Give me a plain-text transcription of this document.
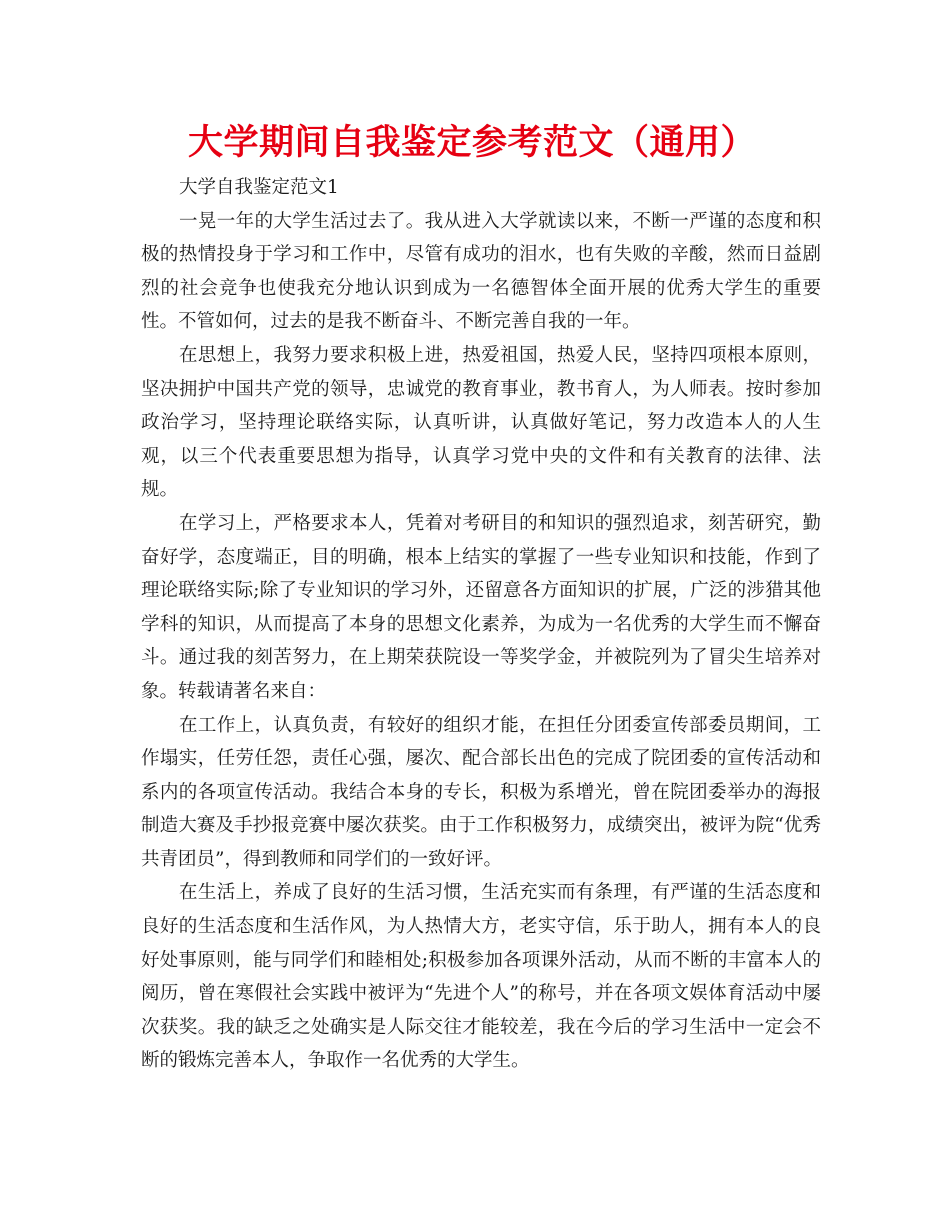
大学期间自我鉴定参考范文（通用）

大学自我鉴定范文1

一晃一年的大学生活过去了。我从进入大学就读以来，不断一严谨的态度和积极的热情投身于学习和工作中，尽管有成功的泪水，也有失败的辛酸，然而日益剧烈的社会竞争也使我充分地认识到成为一名德智体全面开展的优秀大学生的重要性。不管如何，过去的是我不断奋斗、不断完善自我的一年。

在思想上，我努力要求积极上进，热爱祖国，热爱人民，坚持四项根本原则，坚决拥护中国共产党的领导，忠诚党的教育事业，教书育人，为人师表。按时参加政治学习，坚持理论联络实际，认真听讲，认真做好笔记，努力改造本人的人生观，以三个代表重要思想为指导，认真学习党中央的文件和有关教育的法律、法规。

在学习上，严格要求本人，凭着对考研目的和知识的强烈追求，刻苦研究，勤奋好学，态度端正，目的明确，根本上结实的掌握了一些专业知识和技能，作到了理论联络实际;除了专业知识的学习外，还留意各方面知识的扩展，广泛的涉猎其他学科的知识，从而提高了本身的思想文化素养，为成为一名优秀的大学生而不懈奋斗。通过我的刻苦努力，在上期荣获院设一等奖学金，并被院列为了冒尖生培养对象。转载请著名来自：

在工作上，认真负责，有较好的组织才能，在担任分团委宣传部委员期间，工作塌实，任劳任怨，责任心强，屡次、配合部长出色的完成了院团委的宣传活动和系内的各项宣传活动。我结合本身的专长，积极为系增光，曾在院团委举办的海报制造大赛及手抄报竞赛中屡次获奖。由于工作积极努力，成绩突出，被评为院“优秀共青团员”，得到教师和同学们的一致好评。

在生活上，养成了良好的生活习惯，生活充实而有条理，有严谨的生活态度和良好的生活态度和生活作风，为人热情大方，老实守信，乐于助人，拥有本人的良好处事原则，能与同学们和睦相处;积极参加各项课外活动，从而不断的丰富本人的阅历，曾在寒假社会实践中被评为“先进个人”的称号，并在各项文娱体育活动中屡次获奖。我的缺乏之处确实是人际交往才能较差，我在今后的学习生活中一定会不断的锻炼完善本人，争取作一名优秀的大学生。
